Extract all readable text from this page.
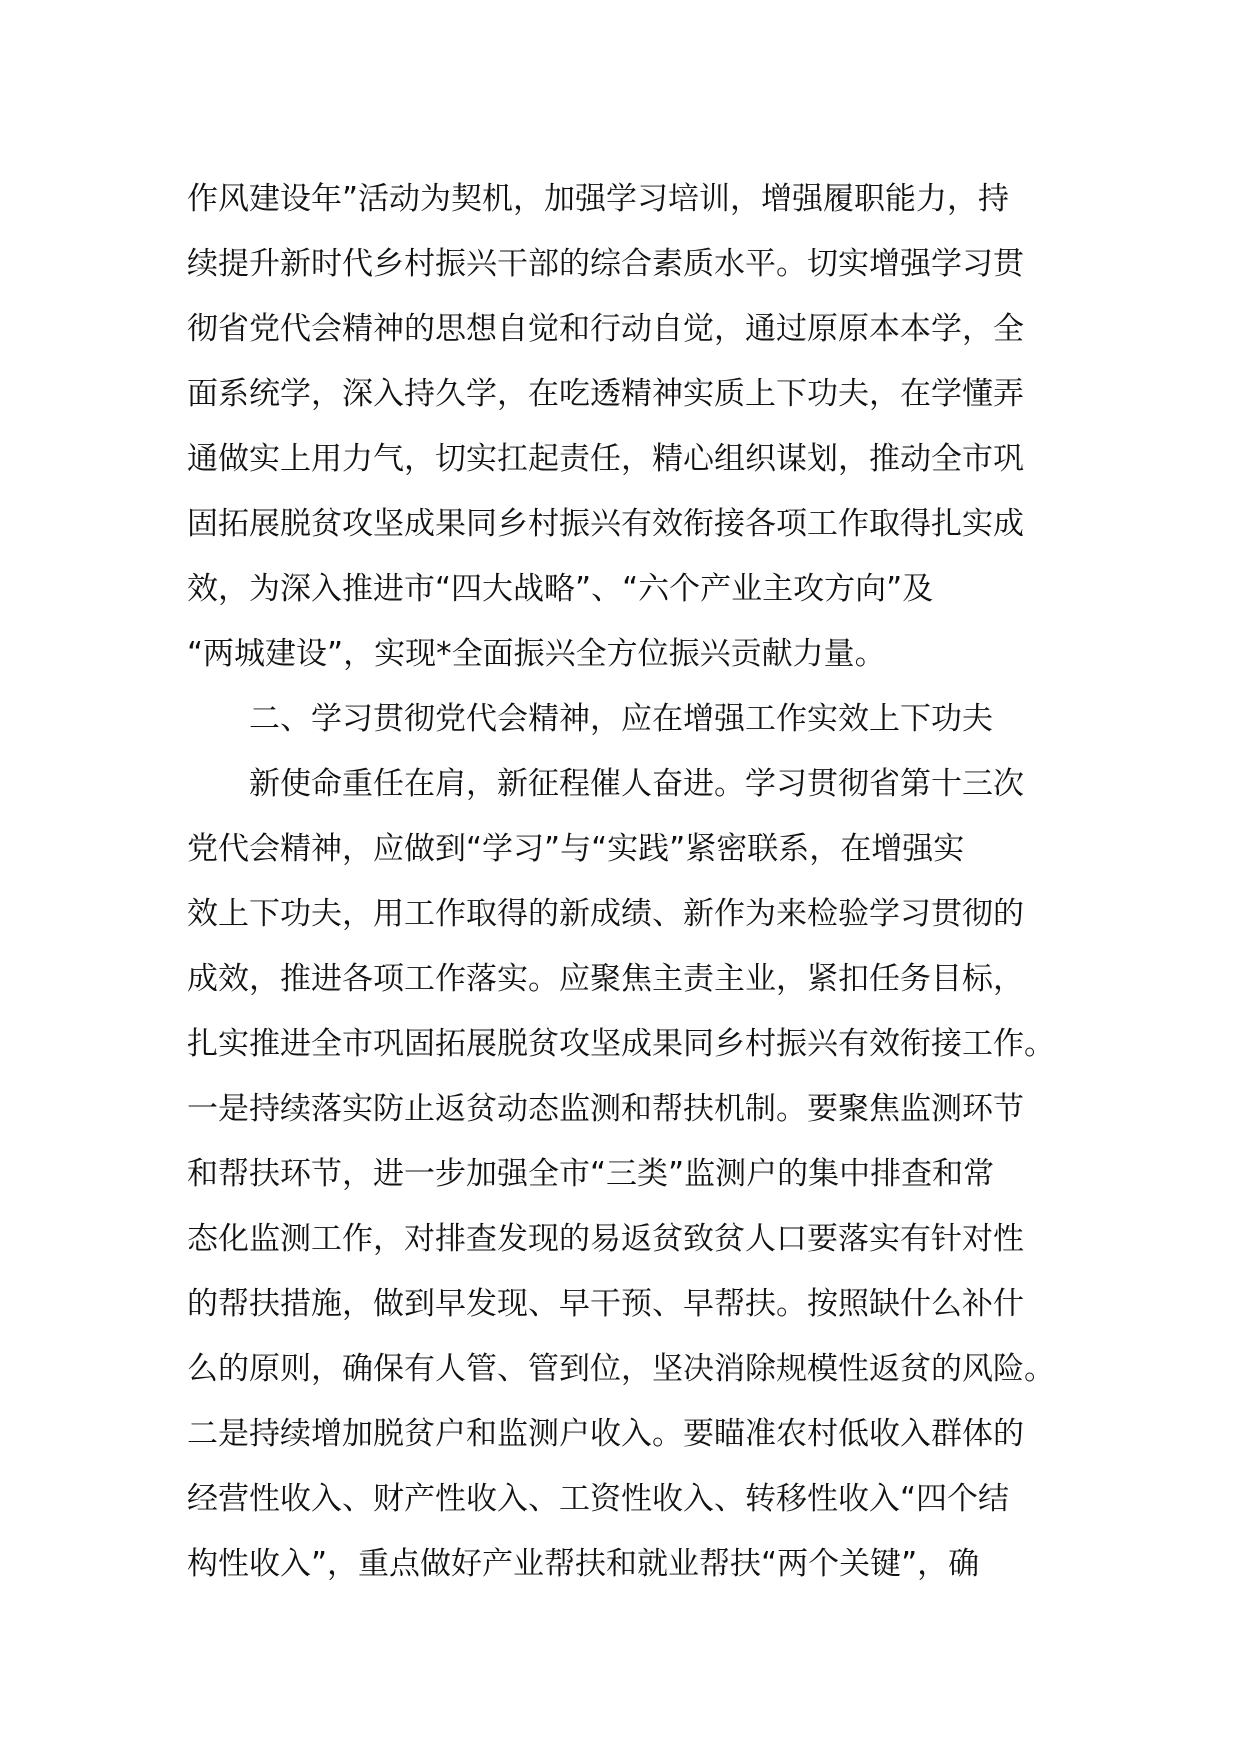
作风建设年”活动为契机，加强学习培训，增强履职能力，持
续提升新时代乡村振兴干部的综合素质水平。切实增强学习贯
彻省党代会精神的思想自觉和行动自觉，通过原原本本学，全
面系统学，深入持久学，在吃透精神实质上下功夫，在学懂弄
通做实上用力气，切实扛起责任，精心组织谋划，推动全市巩
固拓展脱贫攻坚成果同乡村振兴有效衔接各项工作取得扎实成
效，为深入推进市“四大战略”、“六个产业主攻方向”及
“两城建设”，实现*全面振兴全方位振兴贡献力量。
二、学习贯彻党代会精神，应在增强工作实效上下功夫
新使命重任在肩，新征程催人奋进。学习贯彻省第十三次
党代会精神，应做到“学习”与“实践”紧密联系，在增强实
效上下功夫，用工作取得的新成绩、新作为来检验学习贯彻的
成效，推进各项工作落实。应聚焦主责主业，紧扣任务目标，
扎实推进全市巩固拓展脱贫攻坚成果同乡村振兴有效衔接工作。
一是持续落实防止返贫动态监测和帮扶机制。要聚焦监测环节
和帮扶环节，进一步加强全市“三类”监测户的集中排查和常
态化监测工作，对排查发现的易返贫致贫人口要落实有针对性
的帮扶措施，做到早发现、早干预、早帮扶。按照缺什么补什
么的原则，确保有人管、管到位，坚决消除规模性返贫的风险。
二是持续增加脱贫户和监测户收入。要瞄准农村低收入群体的
经营性收入、财产性收入、工资性收入、转移性收入“四个结
构性收入”，重点做好产业帮扶和就业帮扶“两个关键”，确
